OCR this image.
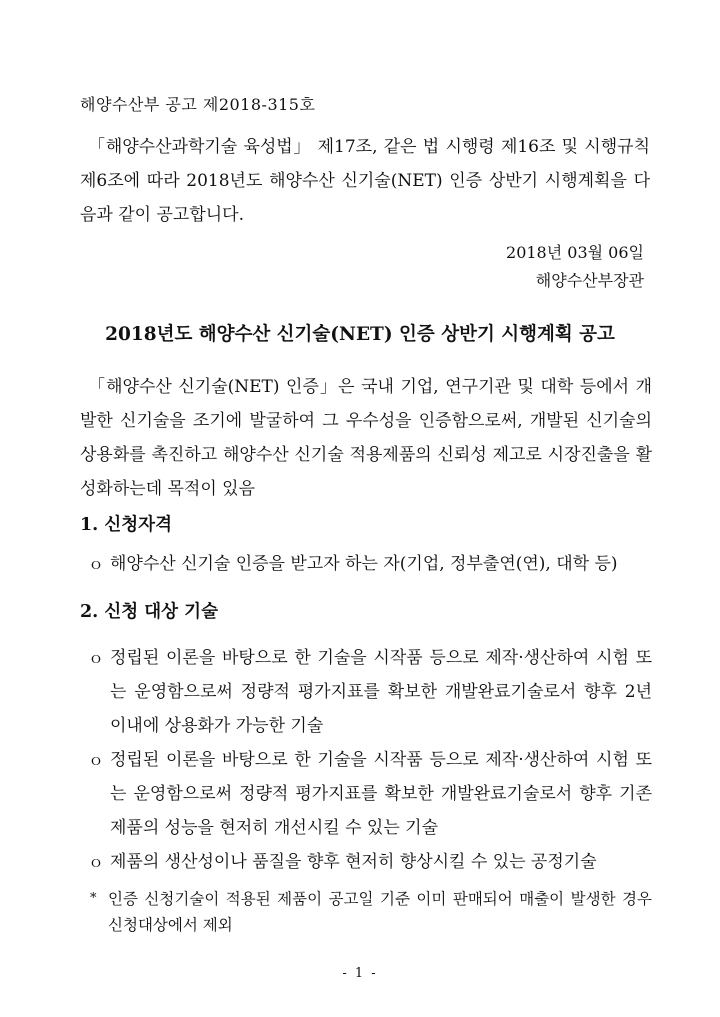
해양수산부 공고 제2018-315호
「해양수산과학기술 육성법」 제17조, 같은 법 시행령 제16조 및 시행규칙 제6조에 따라 2018년도 해양수산 신기술(NET) 인증 상반기 시행계획을 다음과 같이 공고합니다.
2018년 03월 06일
해양수산부장관
2018년도 해양수산 신기술(NET) 인증 상반기 시행계획 공고
「해양수산 신기술(NET) 인증」은 국내 기업, 연구기관 및 대학 등에서 개발한 신기술을 조기에 발굴하여 그 우수성을 인증함으로써, 개발된 신기술의 상용화를 촉진하고 해양수산 신기술 적용제품의 신뢰성 제고로 시장진출을 활성화하는데 목적이 있음
1. 신청자격
ｏ 해양수산 신기술 인증을 받고자 하는 자(기업, 정부출연(연), 대학 등)
2. 신청 대상 기술
ｏ 정립된 이론을 바탕으로 한 기술을 시작품 등으로 제작·생산하여 시험 또는 운영함으로써 정량적 평가지표를 확보한 개발완료기술로서 향후 2년 이내에 상용화가 가능한 기술
ｏ 정립된 이론을 바탕으로 한 기술을 시작품 등으로 제작·생산하여 시험 또는 운영함으로써 정량적 평가지표를 확보한 개발완료기술로서 향후 기존 제품의 성능을 현저히 개선시킬 수 있는 기술
ｏ 제품의 생산성이나 품질을 향후 현저히 향상시킬 수 있는 공정기술
* 인증 신청기술이 적용된 제품이 공고일 기준 이미 판매되어 매출이 발생한 경우 신청대상에서 제외
- 1 -
